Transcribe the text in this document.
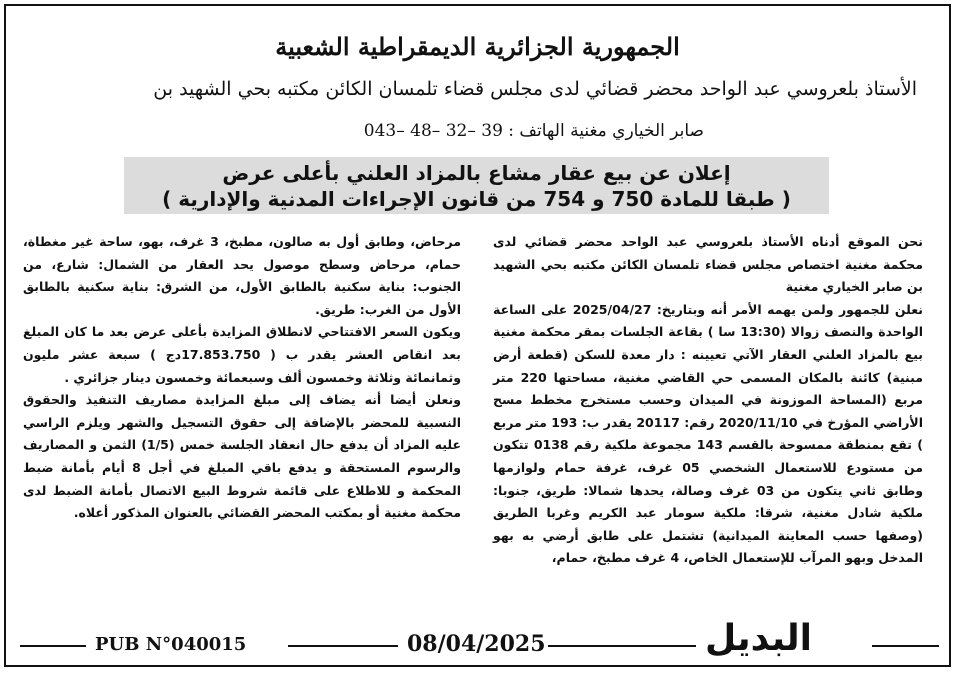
الجمهورية الجزائرية الديمقراطية الشعبية
الأستاذ بلعروسي عبد الواحد محضر قضائي لدى مجلس قضاء تلمسان الكائن مكتبه بحي الشهيد بن
صابر الخياري مغنية الهاتف : 39 –32 –48 –043
إعلان عن بيع عقار مشاع بالمزاد العلني بأعلى عرض
( طبقا للمادة 750 و 754 من قانون الإجراءات المدنية والإدارية )

نحن الموقع أدناه الأستاذ بلعروسي عبد الواحد محضر قضائي لدى محكمة مغنية اختصاص مجلس قضاء تلمسان الكائن مكتبه بحي الشهيد بن صابر الخياري مغنية

نعلن للجمهور ولمن يهمه الأمر أنه وبتاريخ: 2025/04/27 على الساعة الواحدة والنصف زوالا (13:30 سا ) بقاعة الجلسات بمقر محكمة مغنية بيع بالمزاد العلني العقار الآتي تعيينه : دار معدة للسكن (قطعة أرض مبنية) كائنة بالمكان المسمى حي القاضي مغنية، مساحتها 220 متر مربع (المساحة الموزونة في الميدان وحسب مستخرج مخطط مسح الأراضي المؤرخ في 2020/11/10 رقم: 20117 يقدر ب: 193 متر مربع ) تقع بمنطقة ممسوحة بالقسم 143 مجموعة ملكية رقم 0138 تتكون من مستودع للاستعمال الشخصي 05 غرف، غرفة حمام ولوازمها وطابق ثاني يتكون من 03 غرف وصالة، يحدها شمالا: طريق، جنوبا: ملكية شادل مغنية، شرقا: ملكية سومار عبد الكريم وغربا الطريق (وصفها حسب المعاينة الميدانية) تشتمل على طابق أرضي به بهو المدخل وبهو المرآب للإستعمال الخاص، 4 غرف مطبخ، حمام،

مرحاض، وطابق أول به صالون، مطبخ، 3 غرف، بهو، ساحة غير مغطاة، حمام، مرحاض وسطح موصول يحد العقار من الشمال: شارع، من الجنوب: بناية سكنية بالطابق الأول، من الشرق: بناية سكنية بالطابق الأول من الغرب: طريق.

ويكون السعر الافتتاحي لانطلاق المزايدة بأعلى عرض بعد ما كان المبلغ بعد انقاص العشر يقدر ب ( 17.853.750دج ) سبعة عشر مليون وثمانمائة وثلاثة وخمسون ألف وسبعمائة وخمسون دينار جزائري .

ونعلن أيضا أنه يضاف إلى مبلغ المزايدة مصاريف التنفيذ والحقوق النسبية للمحضر بالإضافة إلى حقوق التسجيل والشهر ويلزم الراسي عليه المزاد أن يدفع حال انعقاد الجلسة خمس (1/5) الثمن و المصاريف والرسوم المستحقة و يدفع باقي المبلغ في أجل 8 أيام بأمانة ضبط المحكمة و للاطلاع على قائمة شروط البيع الاتصال بأمانة الضبط لدى محكمة مغنية أو بمكتب المحضر القضائي بالعنوان المذكور أعلاه.

PUB N°040015	08/04/2025	البديل
